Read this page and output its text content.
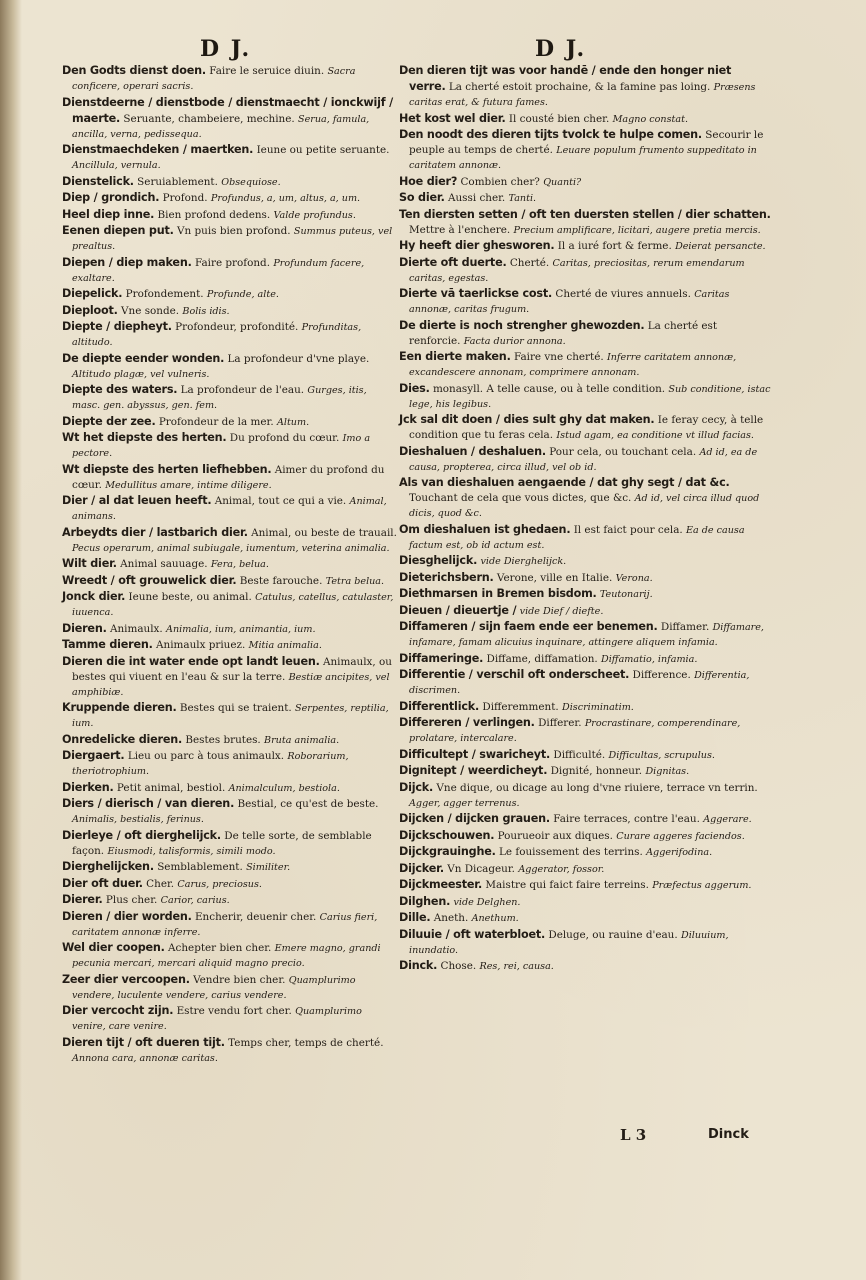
D J.	D J.

Den Godts dienst doen. Faire le seruice diuin. Sacra conficere, operari sacris.

Dienstdeerne / dienstbode / dienstmaecht / ionckwijf / maerte. Seruante, chambeiere, mechine. Serua, famula, ancilla, verna, pedissequa.

Dienstmaechdeken / maertken. Ieune ou petite seruante. Ancillula, vernula.

Dienstelick. Seruiablement. Obsequiose.

Diep / grondich. Profond. Profundus, a, um, altus, a, um.

Heel diep inne. Bien profond dedens. Valde profundus.

Eenen diepen put. Vn puis bien profond. Summus puteus, vel prealtus.

Diepen / diep maken. Faire profond. Profundum facere, exaltare.

Diepelick. Profondement. Profunde, alte.

Dieploot. Vne sonde. Bolis idis.

Diepte / diepheyt. Profondeur, profondité. Profunditas, altitudo.

De diepte eender wonden. La profondeur d'vne playe. Altitudo plagæ, vel vulneris.

Diepte des waters. La profondeur de l'eau. Gurges, itis, masc. gen. abyssus, gen. fem.

Diepte der zee. Profondeur de la mer. Altum.

Wt het diepste des herten. Du profond du cœur. Imo a pectore.

Wt diepste des herten liefhebben. Aimer du profond du cœur. Medullitus amare, intime diligere.

Dier / al dat leuen heeft. Animal, tout ce qui a vie. Animal, animans.

Arbeydts dier / lastbarich dier. Animal, ou beste de trauail. Pecus operarum, animal subiugale, iumentum, veterina animalia.

Wilt dier. Animal sauuage. Fera, belua.

Wreedt / oft grouwelick dier. Beste farouche. Tetra belua.

Jonck dier. Ieune beste, ou animal. Catulus, catellus, catulaster, iuuenca.

Dieren. Animaulx. Animalia, ium, animantia, ium.

Tamme dieren. Animaulx priuez. Mitia animalia.

Dieren die int water ende opt landt leuen. Animaulx, ou bestes qui viuent en l'eau & sur la terre. Bestiæ ancipites, vel amphibiæ.

Kruppende dieren. Bestes qui se traient. Serpentes, reptilia, ium.

Onredelicke dieren. Bestes brutes. Bruta animalia.

Diergaert. Lieu ou parc à tous animaulx. Roborarium, theriotrophium.

Dierken. Petit animal, bestiol. Animalculum, bestiola.

Diers / dierisch / van dieren. Bestial, ce qu'est de beste. Animalis, bestialis, ferinus.

Dierleye / oft dierghelijck. De telle sorte, de semblable façon. Eiusmodi, talisformis, simili modo.

Dierghelijcken. Semblablement. Similiter.

Dier oft duer. Cher. Carus, preciosus.

Dierer. Plus cher. Carior, carius.

Dieren / dier worden. Encherir, deuenir cher. Carius fieri, caritatem annonæ inferre.

Wel dier coopen. Achepter bien cher. Emere magno, grandi pecunia mercari, mercari aliquid magno precio.

Zeer dier vercoopen. Vendre bien cher. Quamplurimo vendere, luculente vendere, carius vendere.

Dier vercocht zijn. Estre vendu fort cher. Quamplurimo venire, care venire.

Dieren tijt / oft dueren tijt. Temps cher, temps de cherté. Annona cara, annonæ caritas.

Den dieren tijt was voor handē / ende den honger niet verre. La cherté estoit prochaine, & la famine pas loing. Præsens caritas erat, & futura fames.

Het kost wel dier. Il cousté bien cher. Magno constat.

Den noodt des dieren tijts tvolck te hulpe comen. Secourir le peuple au temps de cherté. Leuare populum frumento suppeditato in caritatem annonæ.

Hoe dier? Combien cher? Quanti?

So dier. Aussi cher. Tanti.

Ten diersten setten / oft ten duersten stellen / dier schatten. Mettre à l'enchere. Precium amplificare, licitari, augere pretia mercis.

Hy heeft dier ghesworen. Il a iuré fort & ferme. Deierat persancte.

Dierte oft duerte. Cherté. Caritas, preciositas, rerum emendarum caritas, egestas.

Dierte vā taerlickse cost. Cherté de viures annuels. Caritas annonæ, caritas frugum.

De dierte is noch strengher ghewozden. La cherté est renforcie. Facta durior annona.

Een dierte maken. Faire vne cherté. Inferre caritatem annonæ, excandescere annonam, comprimere annonam.

Dies. monasyll. A telle cause, ou à telle condition. Sub conditione, istac lege, his legibus.

Jck sal dit doen / dies sult ghy dat maken. Ie feray cecy, à telle condition que tu feras cela. Istud agam, ea conditione vt illud facias.

Dieshaluen / deshaluen. Pour cela, ou touchant cela. Ad id, ea de causa, propterea, circa illud, vel ob id.

Als van dieshaluen aengaende / dat ghy segt / dat &c. Touchant de cela que vous dictes, que &c. Ad id, vel circa illud quod dicis, quod &c.

Om dieshaluen ist ghedaen. Il est faict pour cela. Ea de causa factum est, ob id actum est.

Diesghelijck. vide Dierghelijck.

Dieterichsbern. Verone, ville en Italie. Verona.

Diethmarsen in Bremen bisdom. Teutonarij.

Dieuen / dieuertje / vide Dief / diefte.

Diffameren / sijn faem ende eer benemen. Diffamer. Diffamare, infamare, famam alicuius inquinare, attingere aliquem infamia.

Diffameringe. Diffame, diffamation. Diffamatio, infamia.

Differentie / verschil oft onderscheet. Difference. Differentia, discrimen.

Differentlick. Differemment. Discriminatim.

Differeren / verlingen. Differer. Procrastinare, comperendinare, prolatare, intercalare.

Difficultept / swaricheyt. Difficulté. Difficultas, scrupulus.

Dignitept / weerdicheyt. Dignité, honneur. Dignitas.

Dijck. Vne dique, ou dicage au long d'vne riuiere, terrace vn terrin. Agger, agger terrenus.

Dijcken / dijcken grauen. Faire terraces, contre l'eau. Aggerare.

Dijckschouwen. Pourueoir aux diques. Curare aggeres faciendos.

Dijckgrauinghe. Le fouissement des terrins. Aggerifodina.

Dijcker. Vn Dicageur. Aggerator, fossor.

Dijckmeester. Maistre qui faict faire terreins. Præfectus aggerum.

Dilghen. vide Delghen.

Dille. Aneth. Anethum.

Diluuie / oft waterbloet. Deluge, ou rauine d'eau. Diluuium, inundatio.

Dinck. Chose. Res, rei, causa.

L 3	Dinck
